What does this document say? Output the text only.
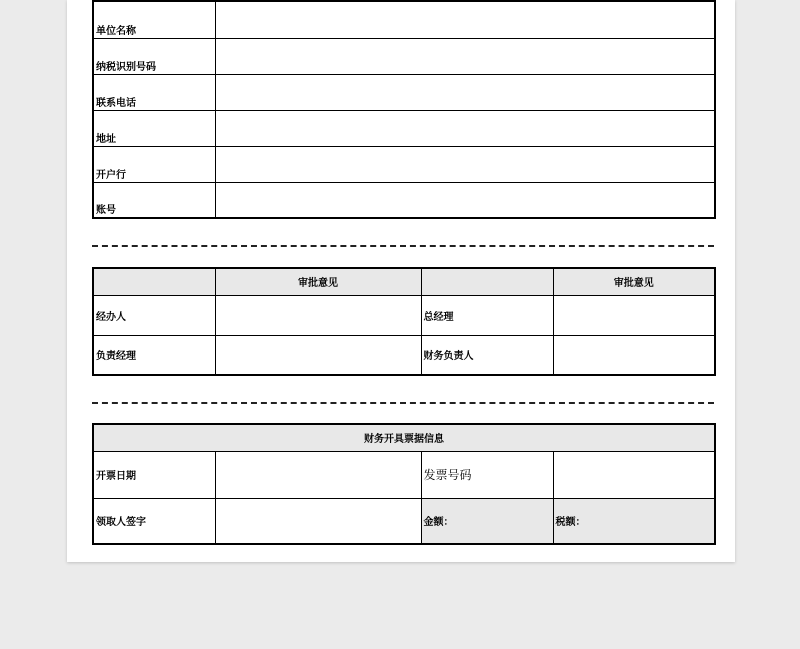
单位名称	
纳税识别号码	
联系电话	
地址	
开户行	
账号	
	审批意见		审批意见
经办人		总经理	
负责经理		财务负责人	
财务开具票据信息			
开票日期		发票号码	
领取人签字		金额：	税额：
